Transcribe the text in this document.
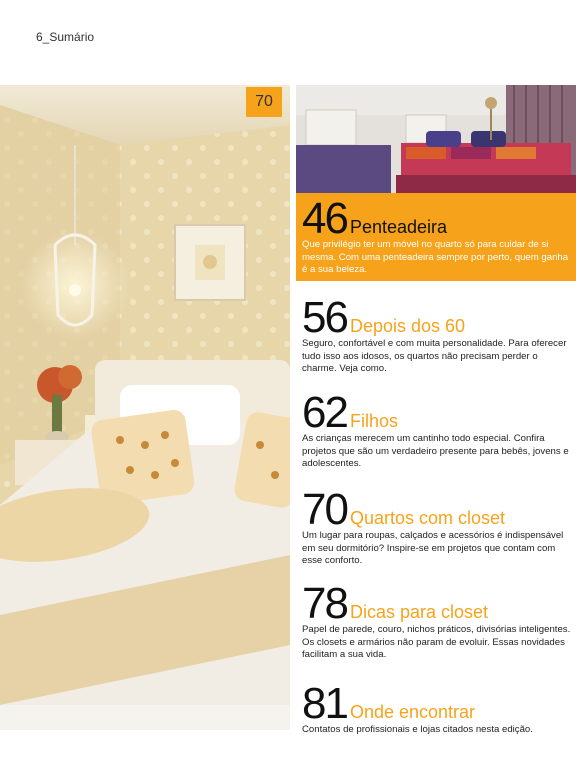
6_Sumário
70
46 Penteadeira
Que privilégio ter um móvel no quarto só para cuidar de si mesma. Com uma penteadeira sempre por perto, quem ganha é a sua beleza.
56 Depois dos 60
Seguro, confortável e com muita personalidade. Para oferecer tudo isso aos idosos, os quartos não precisam perder o charme. Veja como.
62 Filhos
As crianças merecem um cantinho todo especial. Confira projetos que são um verdadeiro presente para bebês, jovens e adolescentes.
70 Quartos com closet
Um lugar para roupas, calçados e acessórios é indispensável em seu dormitório? Inspire-se em projetos que contam com esse conforto.
78 Dicas para closet
Papel de parede, couro, nichos práticos, divisórias inteligentes. Os closets e armários não param de evoluir. Essas novidades facilitam a sua vida.
81 Onde encontrar
Contatos de profissionais e lojas citados nesta edição.
